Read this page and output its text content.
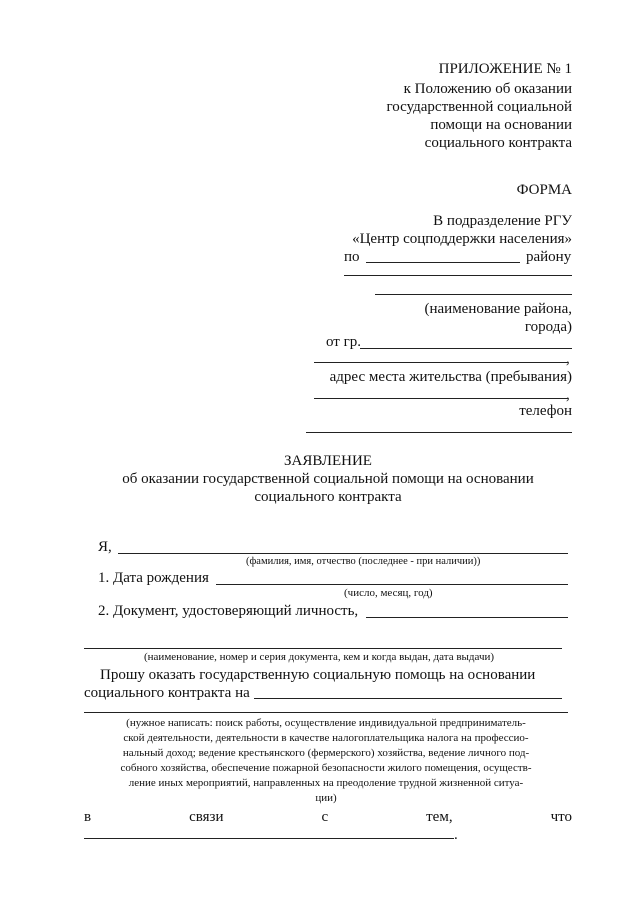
ПРИЛОЖЕНИЕ № 1
к Положению об оказании
государственной социальной
помощи на основании
социального контракта
ФОРМА
В подразделение РГУ
«Центр соцподдержки населения»
по	району
(наименование района,
города)
от гр.
,
адрес места жительства (пребывания)
,
телефон
ЗАЯВЛЕНИЕ
об оказании государственной социальной помощи на основании
социального контракта
Я,
(фамилия, имя, отчество (последнее - при наличии))
1. Дата рождения
(число, месяц, год)
2. Документ, удостоверяющий личность,
(наименование, номер и серия документа, кем и когда выдан, дата выдачи)
Прошу оказать государственную социальную помощь на основании
социального контракта на
(нужное написать: поиск работы, осуществление индивидуальной предприниматель-
ской деятельности, деятельности в качестве налогоплательщика налога на профессио-
нальный доход; ведение крестьянского (фермерского) хозяйства, ведение личного под-
собного хозяйства, обеспечение пожарной безопасности жилого помещения, осуществ-
ление иных мероприятий, направленных на преодоление трудной жизненной ситуа-
ции)
в	связи	с	тем,	что
.
